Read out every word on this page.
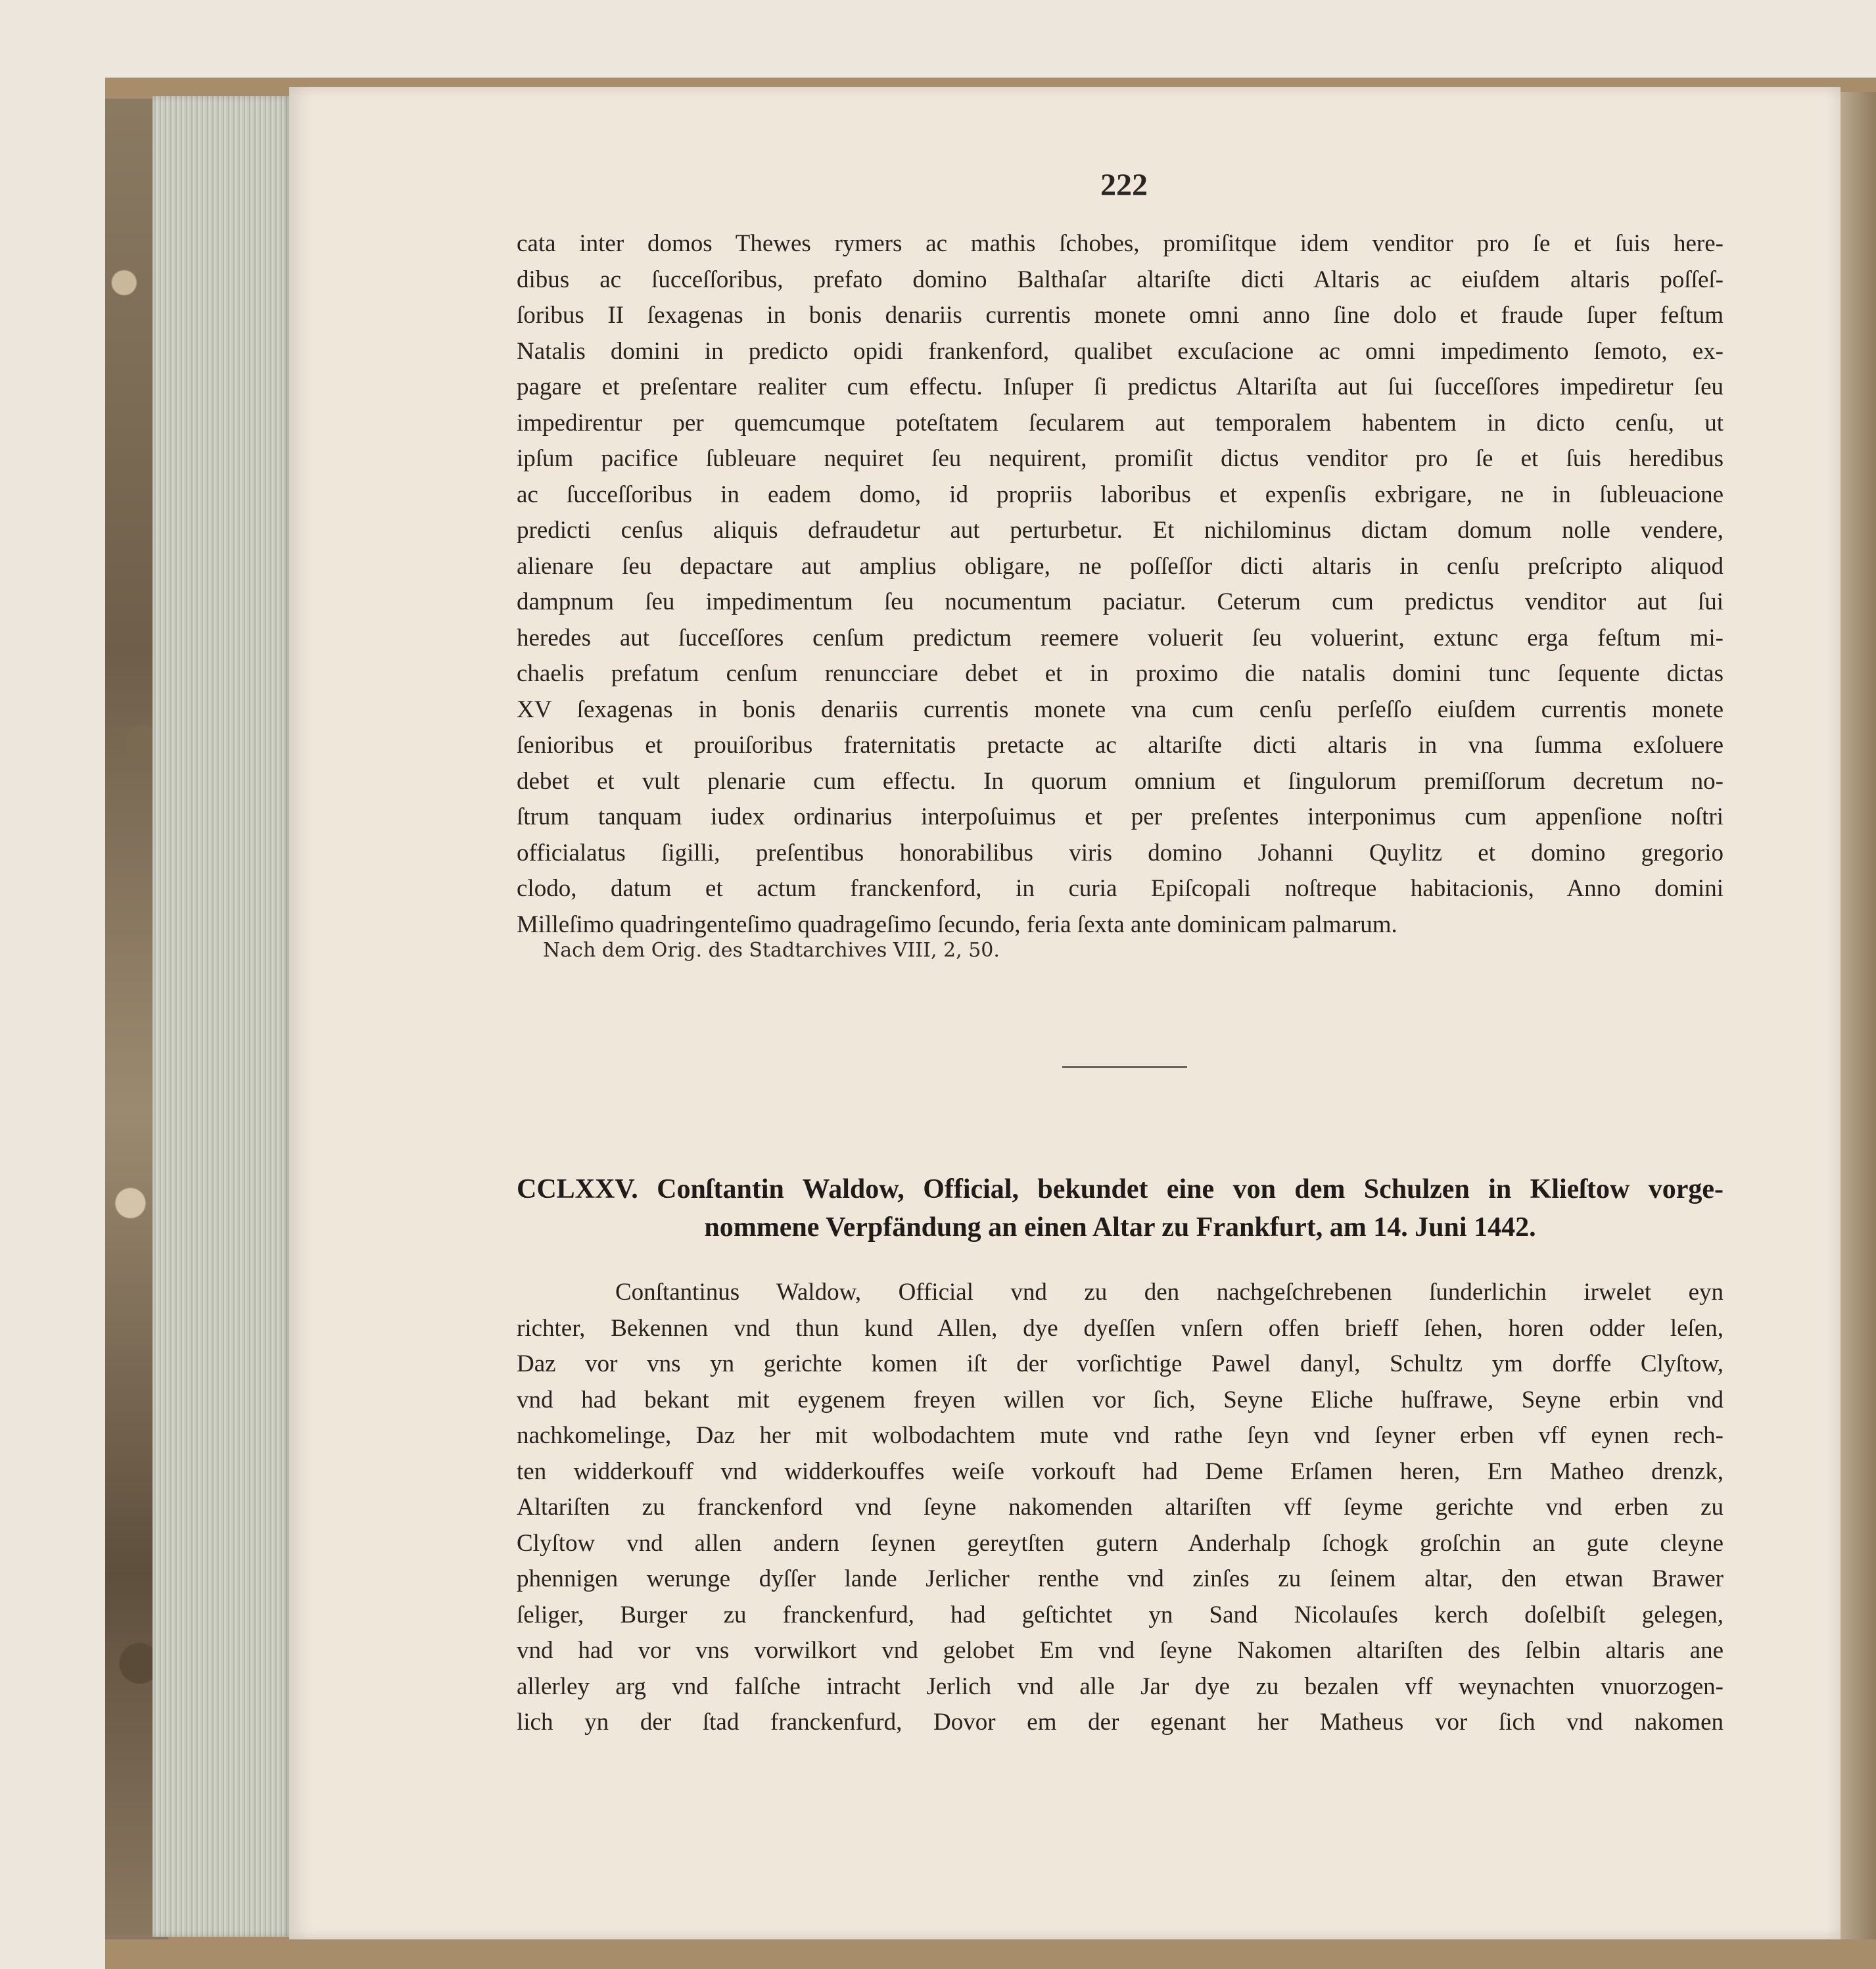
222
cata inter domos Thewes rymers ac mathis ſchobes, promiſitque idem venditor pro ſe et ſuis here-
dibus ac ſucceſſoribus, prefato domino Balthaſar altariſte dicti Altaris ac eiuſdem altaris poſſeſ-
ſoribus II ſexagenas in bonis denariis currentis monete omni anno ſine dolo et fraude ſuper feſtum
Natalis domini in predicto opidi frankenford, qualibet excuſacione ac omni impedimento ſemoto, ex-
pagare et preſentare realiter cum effectu. Inſuper ſi predictus Altariſta aut ſui ſucceſſores impediretur ſeu
impedirentur per quemcumque poteſtatem ſecularem aut temporalem habentem in dicto cenſu, ut
ipſum pacifice ſubleuare nequiret ſeu nequirent, promiſit dictus venditor pro ſe et ſuis heredibus
ac ſucceſſoribus in eadem domo, id propriis laboribus et expenſis exbrigare, ne in ſubleuacione
predicti cenſus aliquis defraudetur aut perturbetur. Et nichilominus dictam domum nolle vendere,
alienare ſeu depactare aut amplius obligare, ne poſſeſſor dicti altaris in cenſu preſcripto aliquod
dampnum ſeu impedimentum ſeu nocumentum paciatur. Ceterum cum predictus venditor aut ſui
heredes aut ſucceſſores cenſum predictum reemere voluerit ſeu voluerint, extunc erga feſtum mi-
chaelis prefatum cenſum renuncciare debet et in proximo die natalis domini tunc ſequente dictas
XV ſexagenas in bonis denariis currentis monete vna cum cenſu perſeſſo eiuſdem currentis monete
ſenioribus et prouiſoribus fraternitatis pretacte ac altariſte dicti altaris in vna ſumma exſoluere
debet et vult plenarie cum effectu. In quorum omnium et ſingulorum premiſſorum decretum no-
ſtrum tanquam iudex ordinarius interpoſuimus et per preſentes interponimus cum appenſione noſtri
officialatus ſigilli, preſentibus honorabilibus viris domino Johanni Quylitz et domino gregorio
clodo, datum et actum franckenford, in curia Epiſcopali noſtreque habitacionis, Anno domini
Milleſimo quadringenteſimo quadrageſimo ſecundo, feria ſexta ante dominicam palmarum.
Nach dem Orig. des Stadtarchives VIII, 2, 50.
CCLXXV. Conſtantin Waldow, Official, bekundet eine von dem Schulzen in Klieſtow vorge-
nommene Verpfändung an einen Altar zu Frankfurt, am 14. Juni 1442.
Conſtantinus Waldow, Official vnd zu den nachgeſchrebenen ſunderlichin irwelet eyn
richter, Bekennen vnd thun kund Allen, dye dyeſſen vnſern offen brieff ſehen, horen odder leſen,
Daz vor vns yn gerichte komen iſt der vorſichtige Pawel danyl, Schultz ym dorffe Clyſtow,
vnd had bekant mit eygenem freyen willen vor ſich, Seyne Eliche huſfrawe, Seyne erbin vnd
nachkomelinge, Daz her mit wolbodachtem mute vnd rathe ſeyn vnd ſeyner erben vff eynen rech-
ten widderkouff vnd widderkouffes weiſe vorkouft had Deme Erſamen heren, Ern Matheo drenzk,
Altariſten zu franckenford vnd ſeyne nakomenden altariſten vff ſeyme gerichte vnd erben zu
Clyſtow vnd allen andern ſeynen gereytſten gutern Anderhalp ſchogk groſchin an gute cleyne
phennigen werunge dyſſer lande Jerlicher renthe vnd zinſes zu ſeinem altar, den etwan Brawer
ſeliger, Burger zu franckenfurd, had geſtichtet yn Sand Nicolauſes kerch doſelbiſt gelegen,
vnd had vor vns vorwilkort vnd gelobet Em vnd ſeyne Nakomen altariſten des ſelbin altaris ane
allerley arg vnd falſche intracht Jerlich vnd alle Jar dye zu bezalen vff weynachten vnuorzogen-
lich yn der ſtad franckenfurd, Dovor em der egenant her Matheus vor ſich vnd nakomen
